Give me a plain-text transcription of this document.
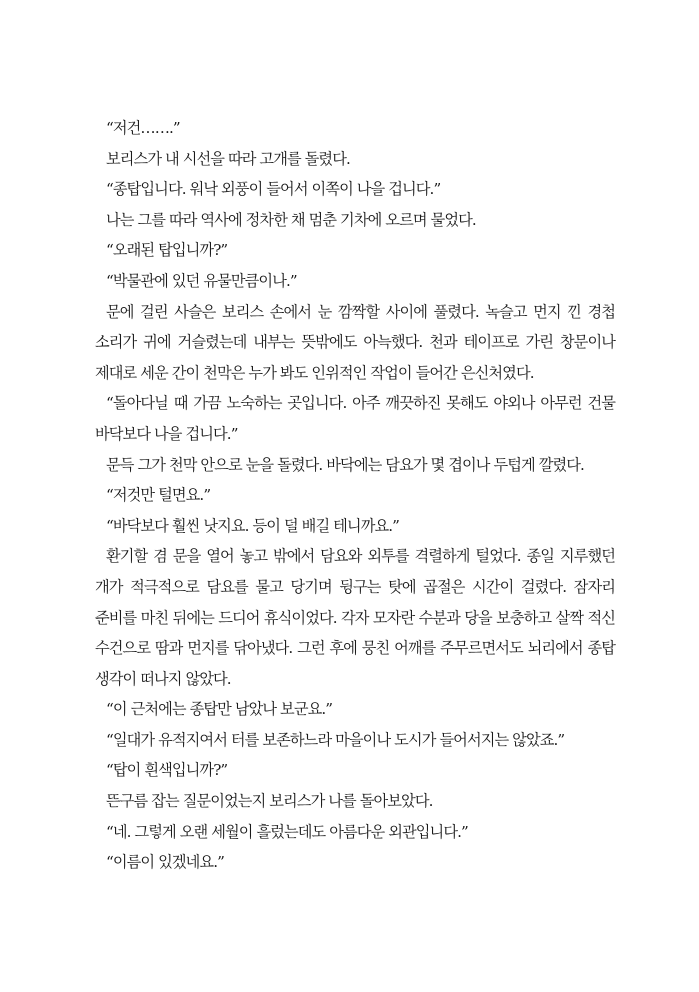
“저건…….”

보리스가 내 시선을 따라 고개를 돌렸다.

“종탑입니다. 워낙 외풍이 들어서 이쪽이 나을 겁니다.”

나는 그를 따라 역사에 정차한 채 멈춘 기차에 오르며 물었다.

“오래된 탑입니까?”

“박물관에 있던 유물만큼이나.”

문에 걸린 사슬은 보리스 손에서 눈 깜짝할 사이에 풀렸다. 녹슬고 먼지 낀 경첩 소리가 귀에 거슬렸는데 내부는 뜻밖에도 아늑했다. 천과 테이프로 가린 창문이나 제대로 세운 간이 천막은 누가 봐도 인위적인 작업이 들어간 은신처였다.

“돌아다닐 때 가끔 노숙하는 곳입니다. 아주 깨끗하진 못해도 야외나 아무런 건물 바닥보다 나을 겁니다.”

문득 그가 천막 안으로 눈을 돌렸다. 바닥에는 담요가 몇 겹이나 두텁게 깔렸다.

“저것만 털면요.”

“바닥보다 훨씬 낫지요. 등이 덜 배길 테니까요.”

환기할 겸 문을 열어 놓고 밖에서 담요와 외투를 격렬하게 털었다. 종일 지루했던 개가 적극적으로 담요를 물고 당기며 뒹구는 탓에 곱절은 시간이 걸렸다. 잠자리 준비를 마친 뒤에는 드디어 휴식이었다. 각자 모자란 수분과 당을 보충하고 살짝 적신 수건으로 땀과 먼지를 닦아냈다. 그런 후에 뭉친 어깨를 주무르면서도 뇌리에서 종탑 생각이 떠나지 않았다.

“이 근처에는 종탑만 남았나 보군요.”

“일대가 유적지여서 터를 보존하느라 마을이나 도시가 들어서지는 않았죠.”

“탑이 흰색입니까?”

뜬구름 잡는 질문이었는지 보리스가 나를 돌아보았다.

“네. 그렇게 오랜 세월이 흘렀는데도 아름다운 외관입니다.”

“이름이 있겠네요.”
